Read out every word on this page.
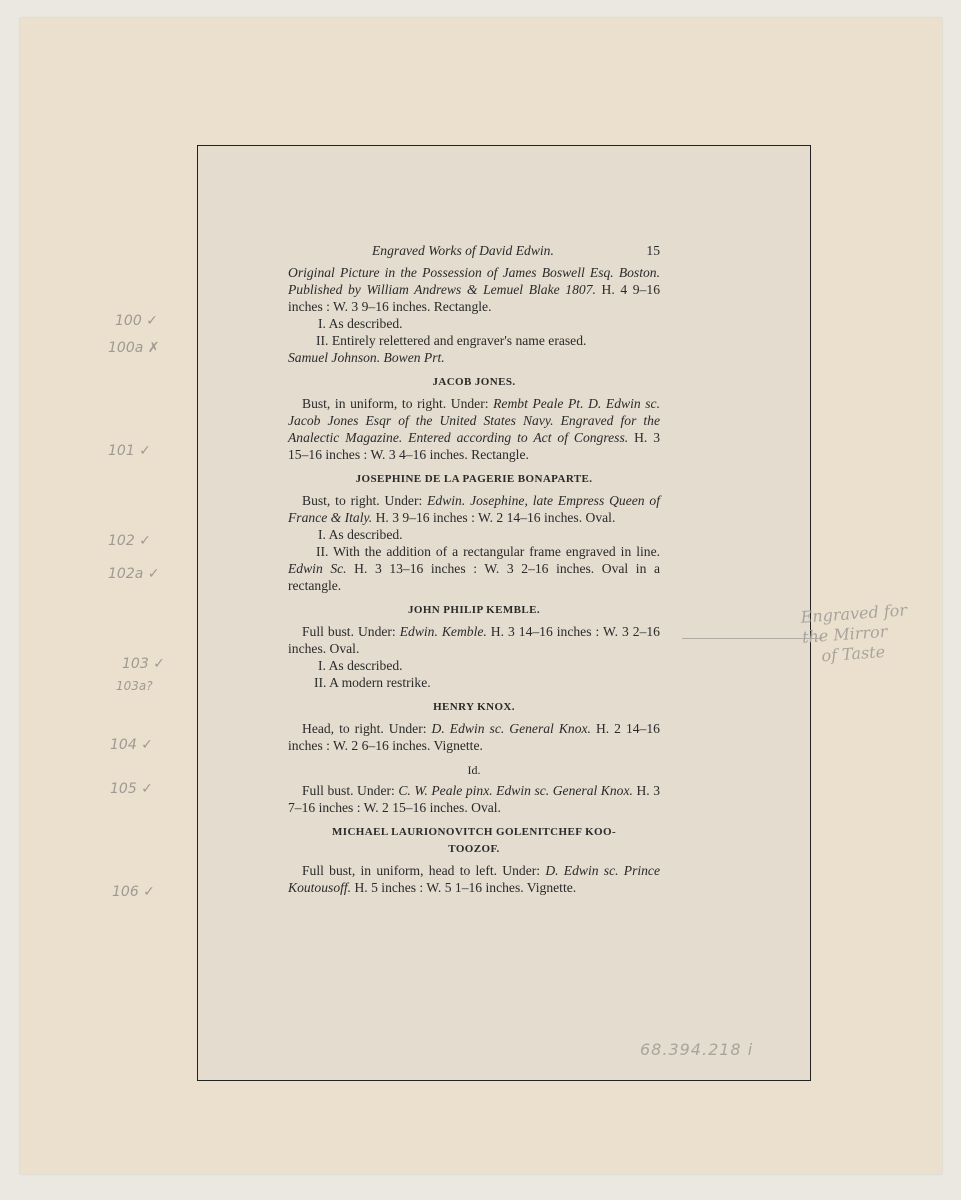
Engraved Works of David Edwin.	15

Original Picture in the Possession of James Boswell Esq. Boston. Published by William Andrews & Lemuel Blake 1807. H. 4 9–16 inches : W. 3 9–16 inches. Rectangle.

I. As described.

II. Entirely relettered and engraver's name erased.

Samuel Johnson. Bowen Prt.

JACOB JONES.

Bust, in uniform, to right. Under: Rembt Peale Pt. D. Edwin sc. Jacob Jones Esqr of the United States Navy. Engraved for the Analectic Magazine. Entered according to Act of Congress. H. 3 15–16 inches : W. 3 4–16 inches. Rectangle.

JOSEPHINE DE LA PAGERIE BONAPARTE.

Bust, to right. Under: Edwin. Josephine, late Empress Queen of France & Italy. H. 3 9–16 inches : W. 2 14–16 inches. Oval.

I. As described.

II. With the addition of a rectangular frame engraved in line. Edwin Sc. H. 3 13–16 inches : W. 3 2–16 inches. Oval in a rectangle.

JOHN PHILIP KEMBLE.

Full bust. Under: Edwin. Kemble. H. 3 14–16 inches : W. 3 2–16 inches. Oval.

I. As described.

II. A modern restrike.

HENRY KNOX.

Head, to right. Under: D. Edwin sc. General Knox. H. 2 14–16 inches : W. 2 6–16 inches. Vignette.

Id.

Full bust. Under: C. W. Peale pinx. Edwin sc. General Knox. H. 3 7–16 inches : W. 2 15–16 inches. Oval.

MICHAEL LAURIONOVITCH GOLENITCHEF KOO-TOOZOF.

Full bust, in uniform, head to left. Under: D. Edwin sc. Prince Koutousoff. H. 5 inches : W. 5 1–16 inches. Vignette.

100 ✓
100a ✗
101 ✓
102 ✓
102a ✓
103 ✓
103a?
104 ✓
105 ✓
106 ✓
Engraved for
the Mirror
of Taste
68.394.218 i
